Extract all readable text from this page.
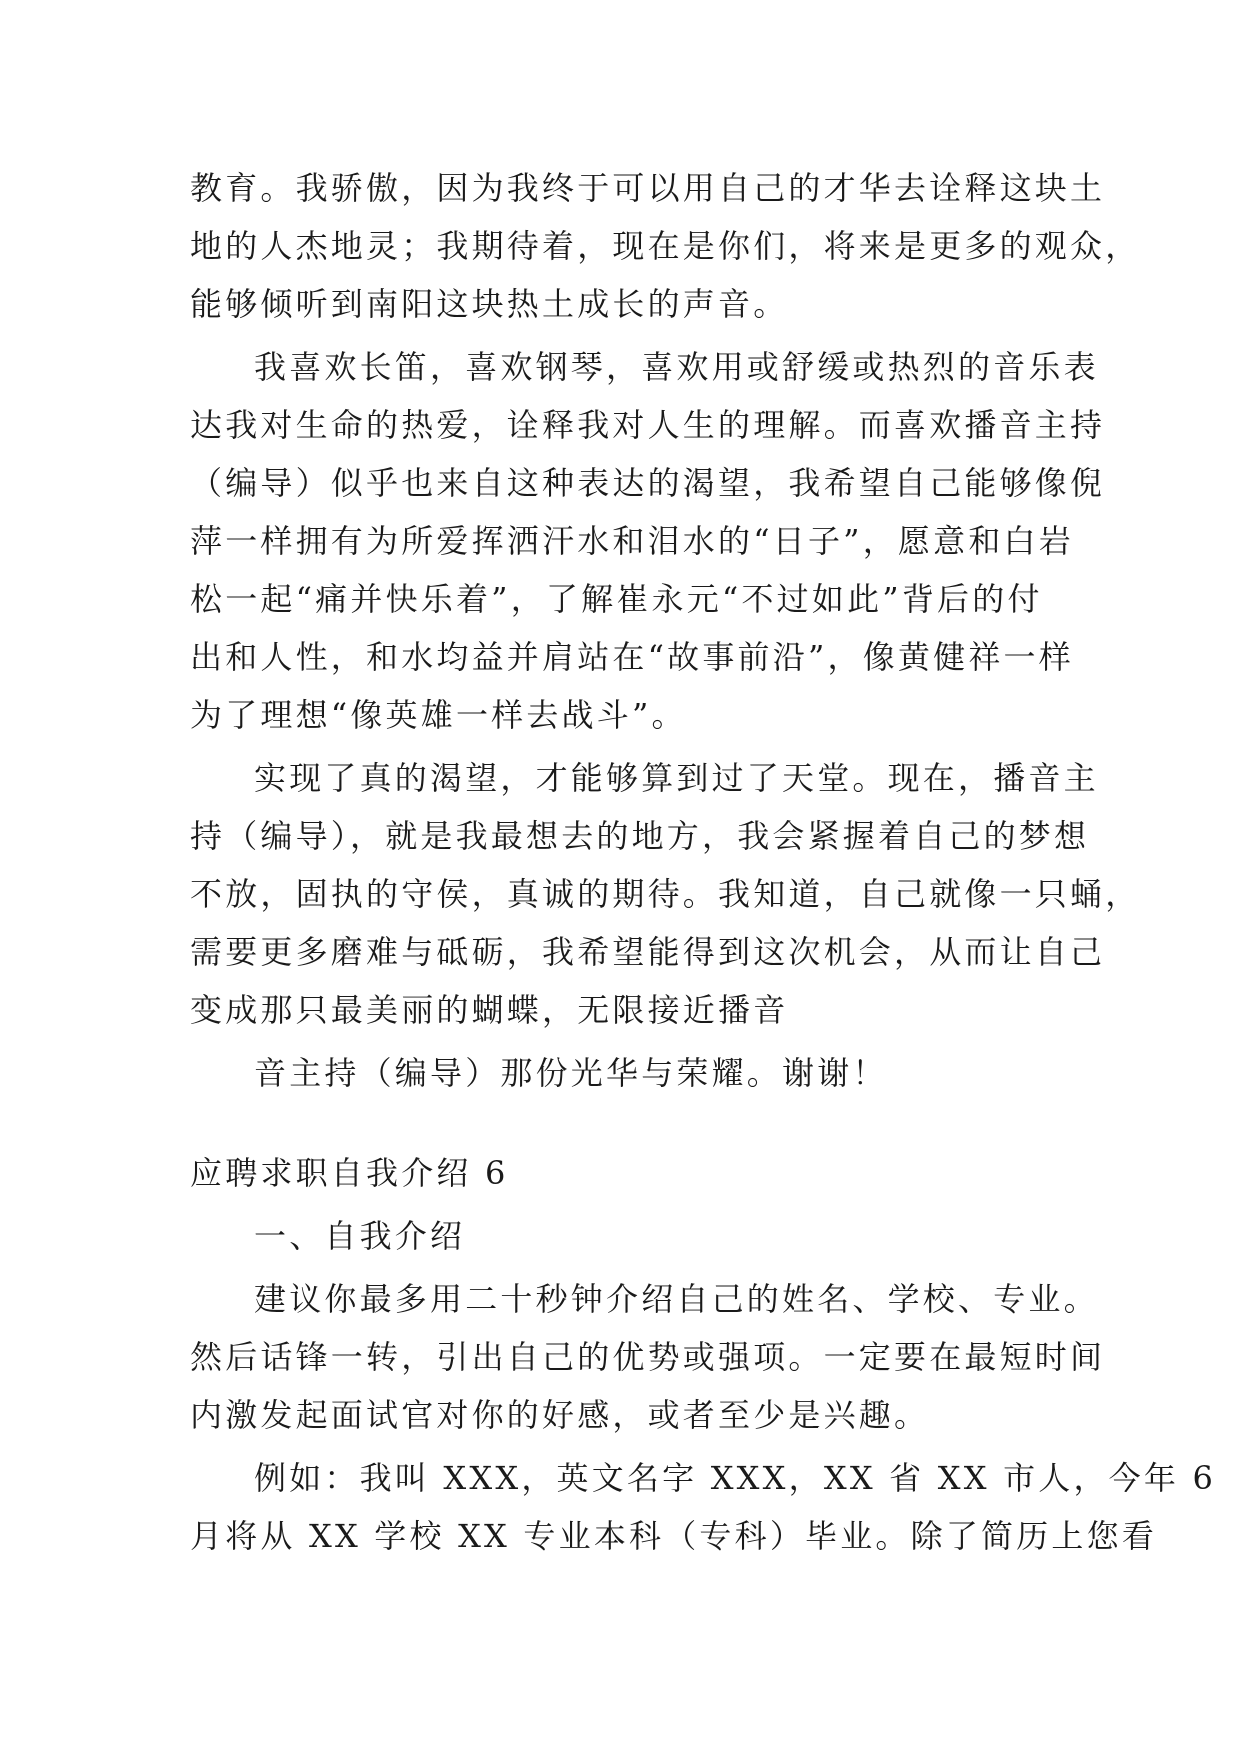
教育。我骄傲，因为我终于可以用自己的才华去诠释这块土
地的人杰地灵；我期待着，现在是你们，将来是更多的观众，
能够倾听到南阳这块热土成长的声音。
我喜欢长笛，喜欢钢琴，喜欢用或舒缓或热烈的音乐表
达我对生命的热爱，诠释我对人生的理解。而喜欢播音主持
（编导）似乎也来自这种表达的渴望，我希望自己能够像倪
萍一样拥有为所爱挥洒汗水和泪水的“日子”，愿意和白岩
松一起“痛并快乐着”，了解崔永元“不过如此”背后的付
出和人性，和水均益并肩站在“故事前沿”，像黄健祥一样
为了理想“像英雄一样去战斗”。
实现了真的渴望，才能够算到过了天堂。现在，播音主
持（编导），就是我最想去的地方，我会紧握着自己的梦想
不放，固执的守侯，真诚的期待。我知道，自己就像一只蛹，
需要更多磨难与砥砺，我希望能得到这次机会，从而让自己
变成那只最美丽的蝴蝶，无限接近播音
音主持（编导）那份光华与荣耀。谢谢！
应聘求职自我介绍 6
一、自我介绍
建议你最多用二十秒钟介绍自己的姓名、学校、专业。
然后话锋一转，引出自己的优势或强项。一定要在最短时间
内激发起面试官对你的好感，或者至少是兴趣。
例如：我叫 XXX，英文名字 XXX，XX 省 XX 市人，今年 6
月将从 XX 学校 XX 专业本科（专科）毕业。除了简历上您看
